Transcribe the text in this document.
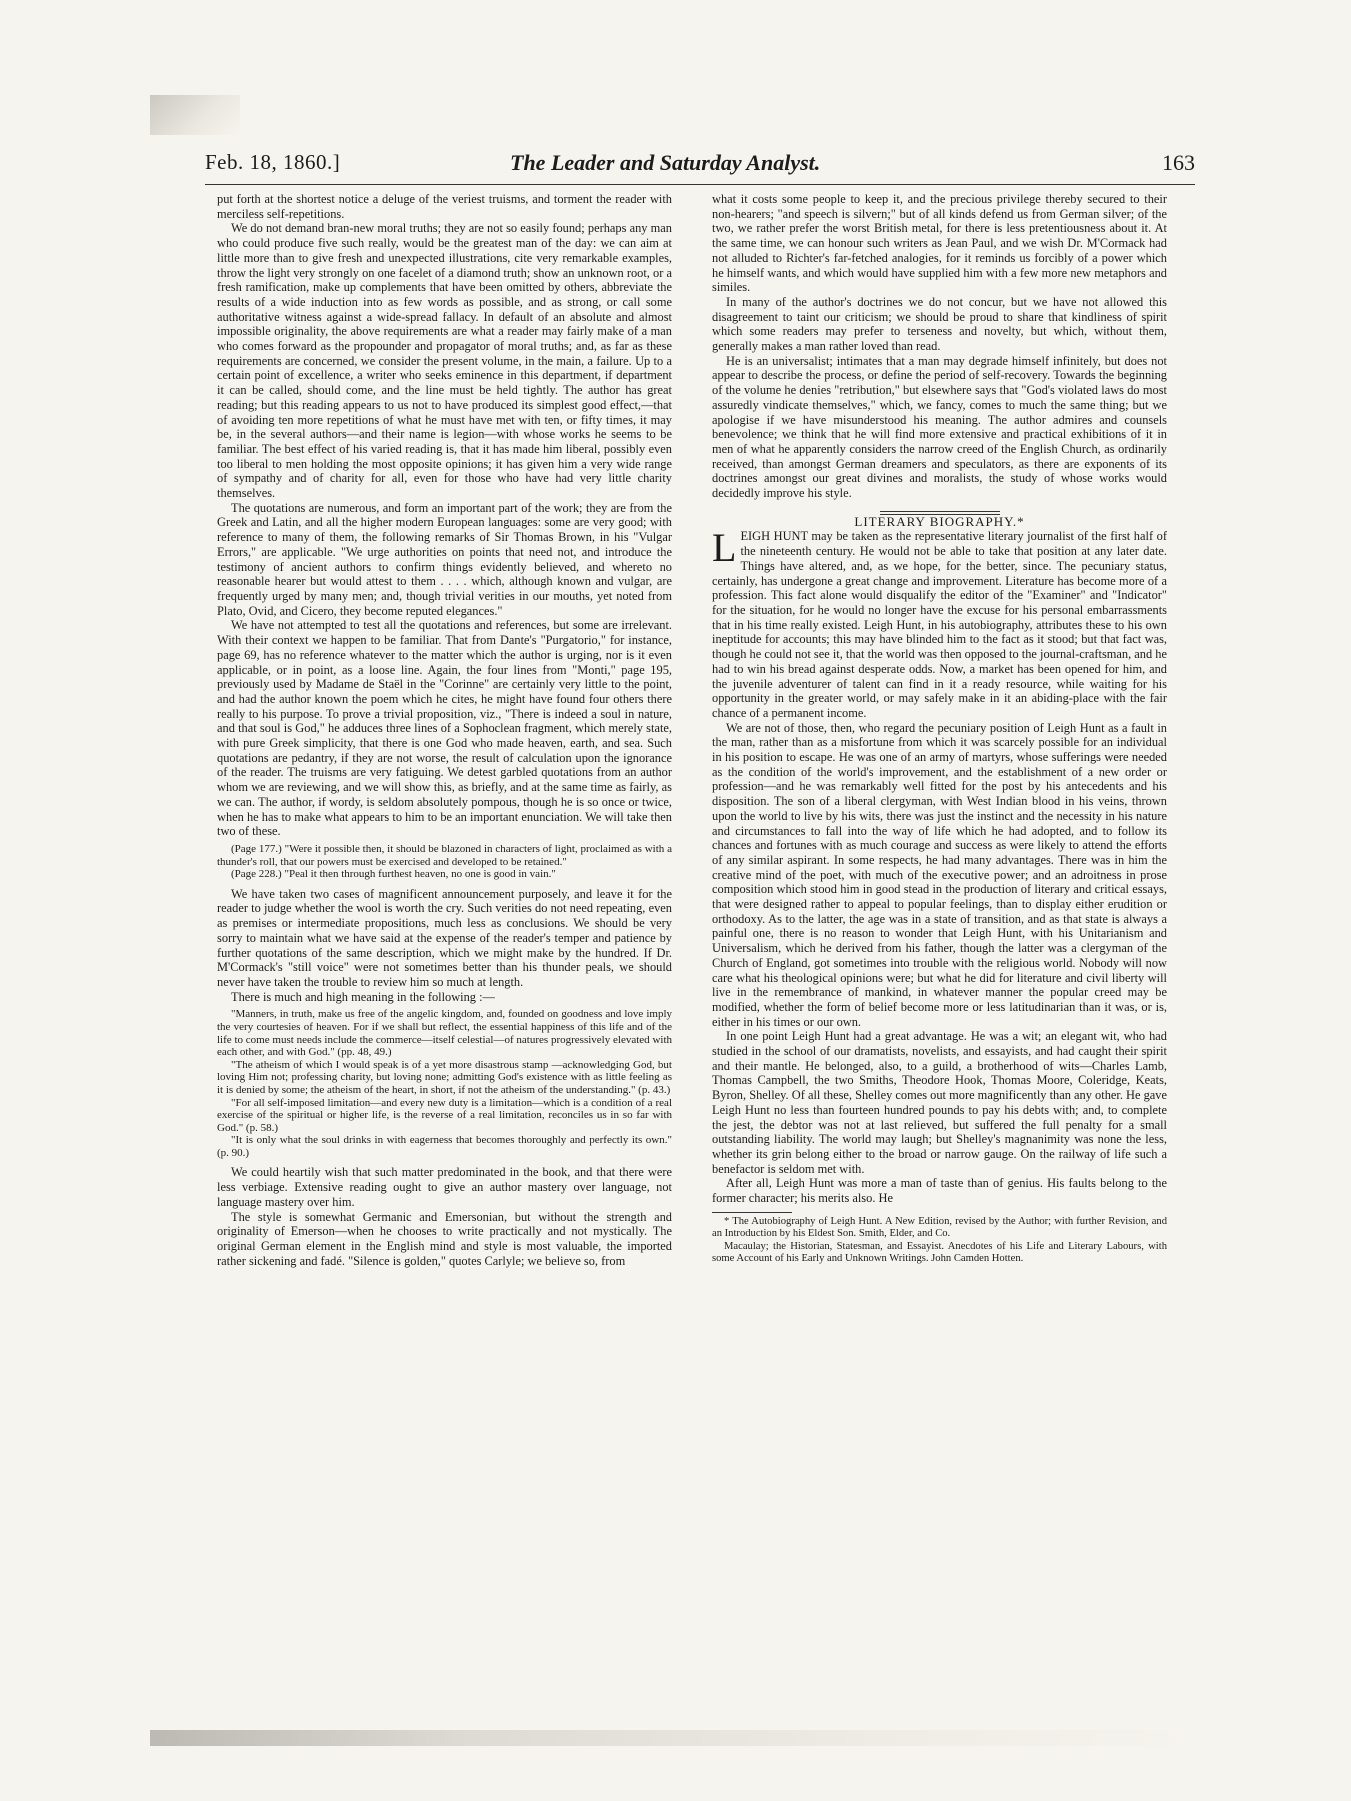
Feb. 18, 1860.]	The Leader and Saturday Analyst.	163

put forth at the shortest notice a deluge of the veriest truisms, and torment the reader with merciless self-repetitions.

We do not demand bran-new moral truths; they are not so easily found; perhaps any man who could produce five such really, would be the greatest man of the day: we can aim at little more than to give fresh and unexpected illustrations, cite very remarkable examples, throw the light very strongly on one facelet of a diamond truth; show an unknown root, or a fresh ramification, make up complements that have been omitted by others, abbreviate the results of a wide induction into as few words as possible, and as strong, or call some authoritative witness against a wide-spread fallacy. In default of an absolute and almost impossible originality, the above requirements are what a reader may fairly make of a man who comes forward as the propounder and propagator of moral truths; and, as far as these requirements are concerned, we consider the present volume, in the main, a failure. Up to a certain point of excellence, a writer who seeks eminence in this department, if department it can be called, should come, and the line must be held tightly. The author has great reading; but this reading appears to us not to have produced its simplest good effect,—that of avoiding ten more repetitions of what he must have met with ten, or fifty times, it may be, in the several authors—and their name is legion—with whose works he seems to be familiar. The best effect of his varied reading is, that it has made him liberal, possibly even too liberal to men holding the most opposite opinions; it has given him a very wide range of sympathy and of charity for all, even for those who have had very little charity themselves.

The quotations are numerous, and form an important part of the work; they are from the Greek and Latin, and all the higher modern European languages: some are very good; with reference to many of them, the following remarks of Sir Thomas Brown, in his "Vulgar Errors," are applicable. "We urge authorities on points that need not, and introduce the testimony of ancient authors to confirm things evidently believed, and whereto no reasonable hearer but would attest to them . . . . which, although known and vulgar, are frequently urged by many men; and, though trivial verities in our mouths, yet noted from Plato, Ovid, and Cicero, they become reputed elegances."

We have not attempted to test all the quotations and references, but some are irrelevant. With their context we happen to be familiar. That from Dante's "Purgatorio," for instance, page 69, has no reference whatever to the matter which the author is urging, nor is it even applicable, or in point, as a loose line. Again, the four lines from "Monti," page 195, previously used by Madame de Staël in the "Corinne" are certainly very little to the point, and had the author known the poem which he cites, he might have found four others there really to his purpose. To prove a trivial proposition, viz., "There is indeed a soul in nature, and that soul is God," he adduces three lines of a Sophoclean fragment, which merely state, with pure Greek simplicity, that there is one God who made heaven, earth, and sea. Such quotations are pedantry, if they are not worse, the result of calculation upon the ignorance of the reader. The truisms are very fatiguing. We detest garbled quotations from an author whom we are reviewing, and we will show this, as briefly, and at the same time as fairly, as we can. The author, if wordy, is seldom absolutely pompous, though he is so once or twice, when he has to make what appears to him to be an important enunciation. We will take then two of these.

(Page 177.) "Were it possible then, it should be blazoned in characters of light, proclaimed as with a thunder's roll, that our powers must be exercised and developed to be retained."

(Page 228.) "Peal it then through furthest heaven, no one is good in vain."

We have taken two cases of magnificent announcement purposely, and leave it for the reader to judge whether the wool is worth the cry. Such verities do not need repeating, even as premises or intermediate propositions, much less as conclusions. We should be very sorry to maintain what we have said at the expense of the reader's temper and patience by further quotations of the same description, which we might make by the hundred. If Dr. M'Cormack's "still voice" were not sometimes better than his thunder peals, we should never have taken the trouble to review him so much at length.

There is much and high meaning in the following :—

"Manners, in truth, make us free of the angelic kingdom, and, founded on goodness and love imply the very courtesies of heaven. For if we shall but reflect, the essential happiness of this life and of the life to come must needs include the commerce—itself celestial—of natures progressively elevated with each other, and with God." (pp. 48, 49.)

"The atheism of which I would speak is of a yet more disastrous stamp —acknowledging God, but loving Him not; professing charity, but loving none; admitting God's existence with as little feeling as it is denied by some; the atheism of the heart, in short, if not the atheism of the understanding." (p. 43.)

"For all self-imposed limitation—and every new duty is a limitation—which is a condition of a real exercise of the spiritual or higher life, is the reverse of a real limitation, reconciles us in so far with God." (p. 58.)

"It is only what the soul drinks in with eagerness that becomes thoroughly and perfectly its own." (p. 90.)

We could heartily wish that such matter predominated in the book, and that there were less verbiage. Extensive reading ought to give an author mastery over language, not language mastery over him.

The style is somewhat Germanic and Emersonian, but without the strength and originality of Emerson—when he chooses to write practically and not mystically. The original German element in the English mind and style is most valuable, the imported rather sickening and fadé. "Silence is golden," quotes Carlyle; we believe so, from

what it costs some people to keep it, and the precious privilege thereby secured to their non-hearers; "and speech is silvern;" but of all kinds defend us from German silver; of the two, we rather prefer the worst British metal, for there is less pretentiousness about it. At the same time, we can honour such writers as Jean Paul, and we wish Dr. M'Cormack had not alluded to Richter's far-fetched analogies, for it reminds us forcibly of a power which he himself wants, and which would have supplied him with a few more new metaphors and similes.

In many of the author's doctrines we do not concur, but we have not allowed this disagreement to taint our criticism; we should be proud to share that kindliness of spirit which some readers may prefer to terseness and novelty, but which, without them, generally makes a man rather loved than read.

He is an universalist; intimates that a man may degrade himself infinitely, but does not appear to describe the process, or define the period of self-recovery. Towards the beginning of the volume he denies "retribution," but elsewhere says that "God's violated laws do most assuredly vindicate themselves," which, we fancy, comes to much the same thing; but we apologise if we have misunderstood his meaning. The author admires and counsels benevolence; we think that he will find more extensive and practical exhibitions of it in men of what he apparently considers the narrow creed of the English Church, as ordinarily received, than amongst German dreamers and speculators, as there are exponents of its doctrines amongst our great divines and moralists, the study of whose works would decidedly improve his style.

LITERARY BIOGRAPHY.*

LEIGH HUNT may be taken as the representative literary journalist of the first half of the nineteenth century. He would not be able to take that position at any later date. Things have altered, and, as we hope, for the better, since. The pecuniary status, certainly, has undergone a great change and improvement. Literature has become more of a profession. This fact alone would disqualify the editor of the "Examiner" and "Indicator" for the situation, for he would no longer have the excuse for his personal embarrassments that in his time really existed. Leigh Hunt, in his autobiography, attributes these to his own ineptitude for accounts; this may have blinded him to the fact as it stood; but that fact was, though he could not see it, that the world was then opposed to the journal-craftsman, and he had to win his bread against desperate odds. Now, a market has been opened for him, and the juvenile adventurer of talent can find in it a ready resource, while waiting for his opportunity in the greater world, or may safely make in it an abiding-place with the fair chance of a permanent income.

We are not of those, then, who regard the pecuniary position of Leigh Hunt as a fault in the man, rather than as a misfortune from which it was scarcely possible for an individual in his position to escape. He was one of an army of martyrs, whose sufferings were needed as the condition of the world's improvement, and the establishment of a new order or profession—and he was remarkably well fitted for the post by his antecedents and his disposition. The son of a liberal clergyman, with West Indian blood in his veins, thrown upon the world to live by his wits, there was just the instinct and the necessity in his nature and circumstances to fall into the way of life which he had adopted, and to follow its chances and fortunes with as much courage and success as were likely to attend the efforts of any similar aspirant. In some respects, he had many advantages. There was in him the creative mind of the poet, with much of the executive power; and an adroitness in prose composition which stood him in good stead in the production of literary and critical essays, that were designed rather to appeal to popular feelings, than to display either erudition or orthodoxy. As to the latter, the age was in a state of transition, and as that state is always a painful one, there is no reason to wonder that Leigh Hunt, with his Unitarianism and Universalism, which he derived from his father, though the latter was a clergyman of the Church of England, got sometimes into trouble with the religious world. Nobody will now care what his theological opinions were; but what he did for literature and civil liberty will live in the remembrance of mankind, in whatever manner the popular creed may be modified, whether the form of belief become more or less latitudinarian than it was, or is, either in his times or our own.

In one point Leigh Hunt had a great advantage. He was a wit; an elegant wit, who had studied in the school of our dramatists, novelists, and essayists, and had caught their spirit and their mantle. He belonged, also, to a guild, a brotherhood of wits—Charles Lamb, Thomas Campbell, the two Smiths, Theodore Hook, Thomas Moore, Coleridge, Keats, Byron, Shelley. Of all these, Shelley comes out more magnificently than any other. He gave Leigh Hunt no less than fourteen hundred pounds to pay his debts with; and, to complete the jest, the debtor was not at last relieved, but suffered the full penalty for a small outstanding liability. The world may laugh; but Shelley's magnanimity was none the less, whether its grin belong either to the broad or narrow gauge. On the railway of life such a benefactor is seldom met with.

After all, Leigh Hunt was more a man of taste than of genius. His faults belong to the former character; his merits also. He

* The Autobiography of Leigh Hunt. A New Edition, revised by the Author; with further Revision, and an Introduction by his Eldest Son. Smith, Elder, and Co.

Macaulay; the Historian, Statesman, and Essayist. Anecdotes of his Life and Literary Labours, with some Account of his Early and Unknown Writings. John Camden Hotten.
